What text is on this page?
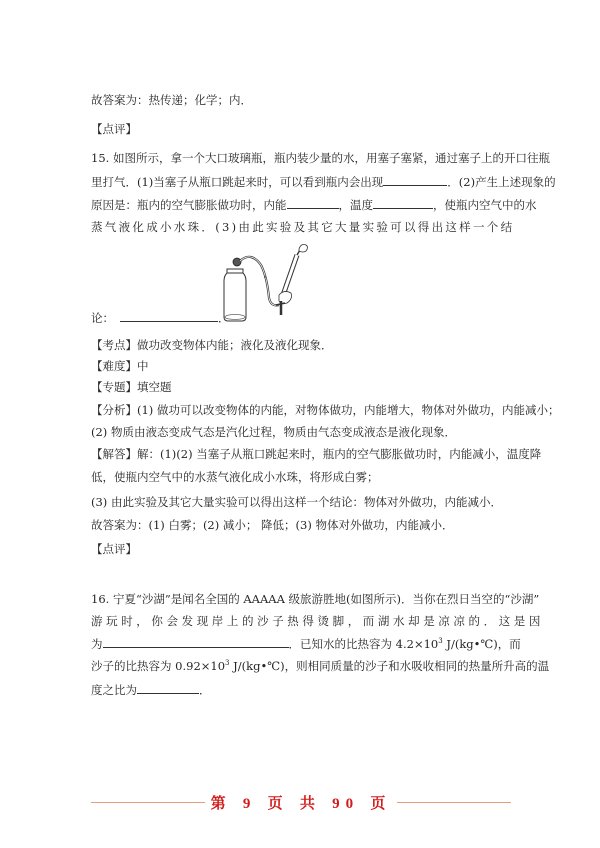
故答案为：热传递；化学；内．
【点评】
15. 如图所示，拿一个大口玻璃瓶，瓶内装少量的水，用塞子塞紧，通过塞子上的开口往瓶
里打气．(1)当塞子从瓶口跳起来时，可以看到瓶内会出现	．(2)产生上述现象的
原因是：瓶内的空气膨胀做功时，内能	，温度	，使瓶内空气中的水
蒸气液化成小水珠．(3)由此实验及其它大量实验可以得出这样一个结
论：	．
【考点】做功改变物体内能；液化及液化现象．
【难度】中
【专题】填空题
【分析】(1) 做功可以改变物体的内能，对物体做功，内能增大，物体对外做功，内能减小；
(2) 物质由液态变成气态是汽化过程，物质由气态变成液态是液化现象．
【解答】解：(1)(2) 当塞子从瓶口跳起来时，瓶内的空气膨胀做功时，内能减小，温度降
低，使瓶内空气中的水蒸气液化成小水珠，将形成白雾；
(3) 由此实验及其它大量实验可以得出这样一个结论：物体对外做功，内能减小．
故答案为：(1) 白雾；(2) 减小； 降低；(3) 物体对外做功，内能减小．
【点评】
16. 宁夏“沙湖”是闻名全国的 AAAAA 级旅游胜地(如图所示)．当你在烈日当空的“沙湖”
游玩时，你会发现岸上的沙子热得烫脚，而湖水却是凉凉的．这是因
为	．已知水的比热容为 $4.2\times 10^3$ J/(kg•℃)，而
沙子的比热容为 $0.92\times 10^3$ J/(kg•℃)，则相同质量的沙子和水吸收相同的热量所升高的温
度之比为	．
第 9 页 共 90 页
